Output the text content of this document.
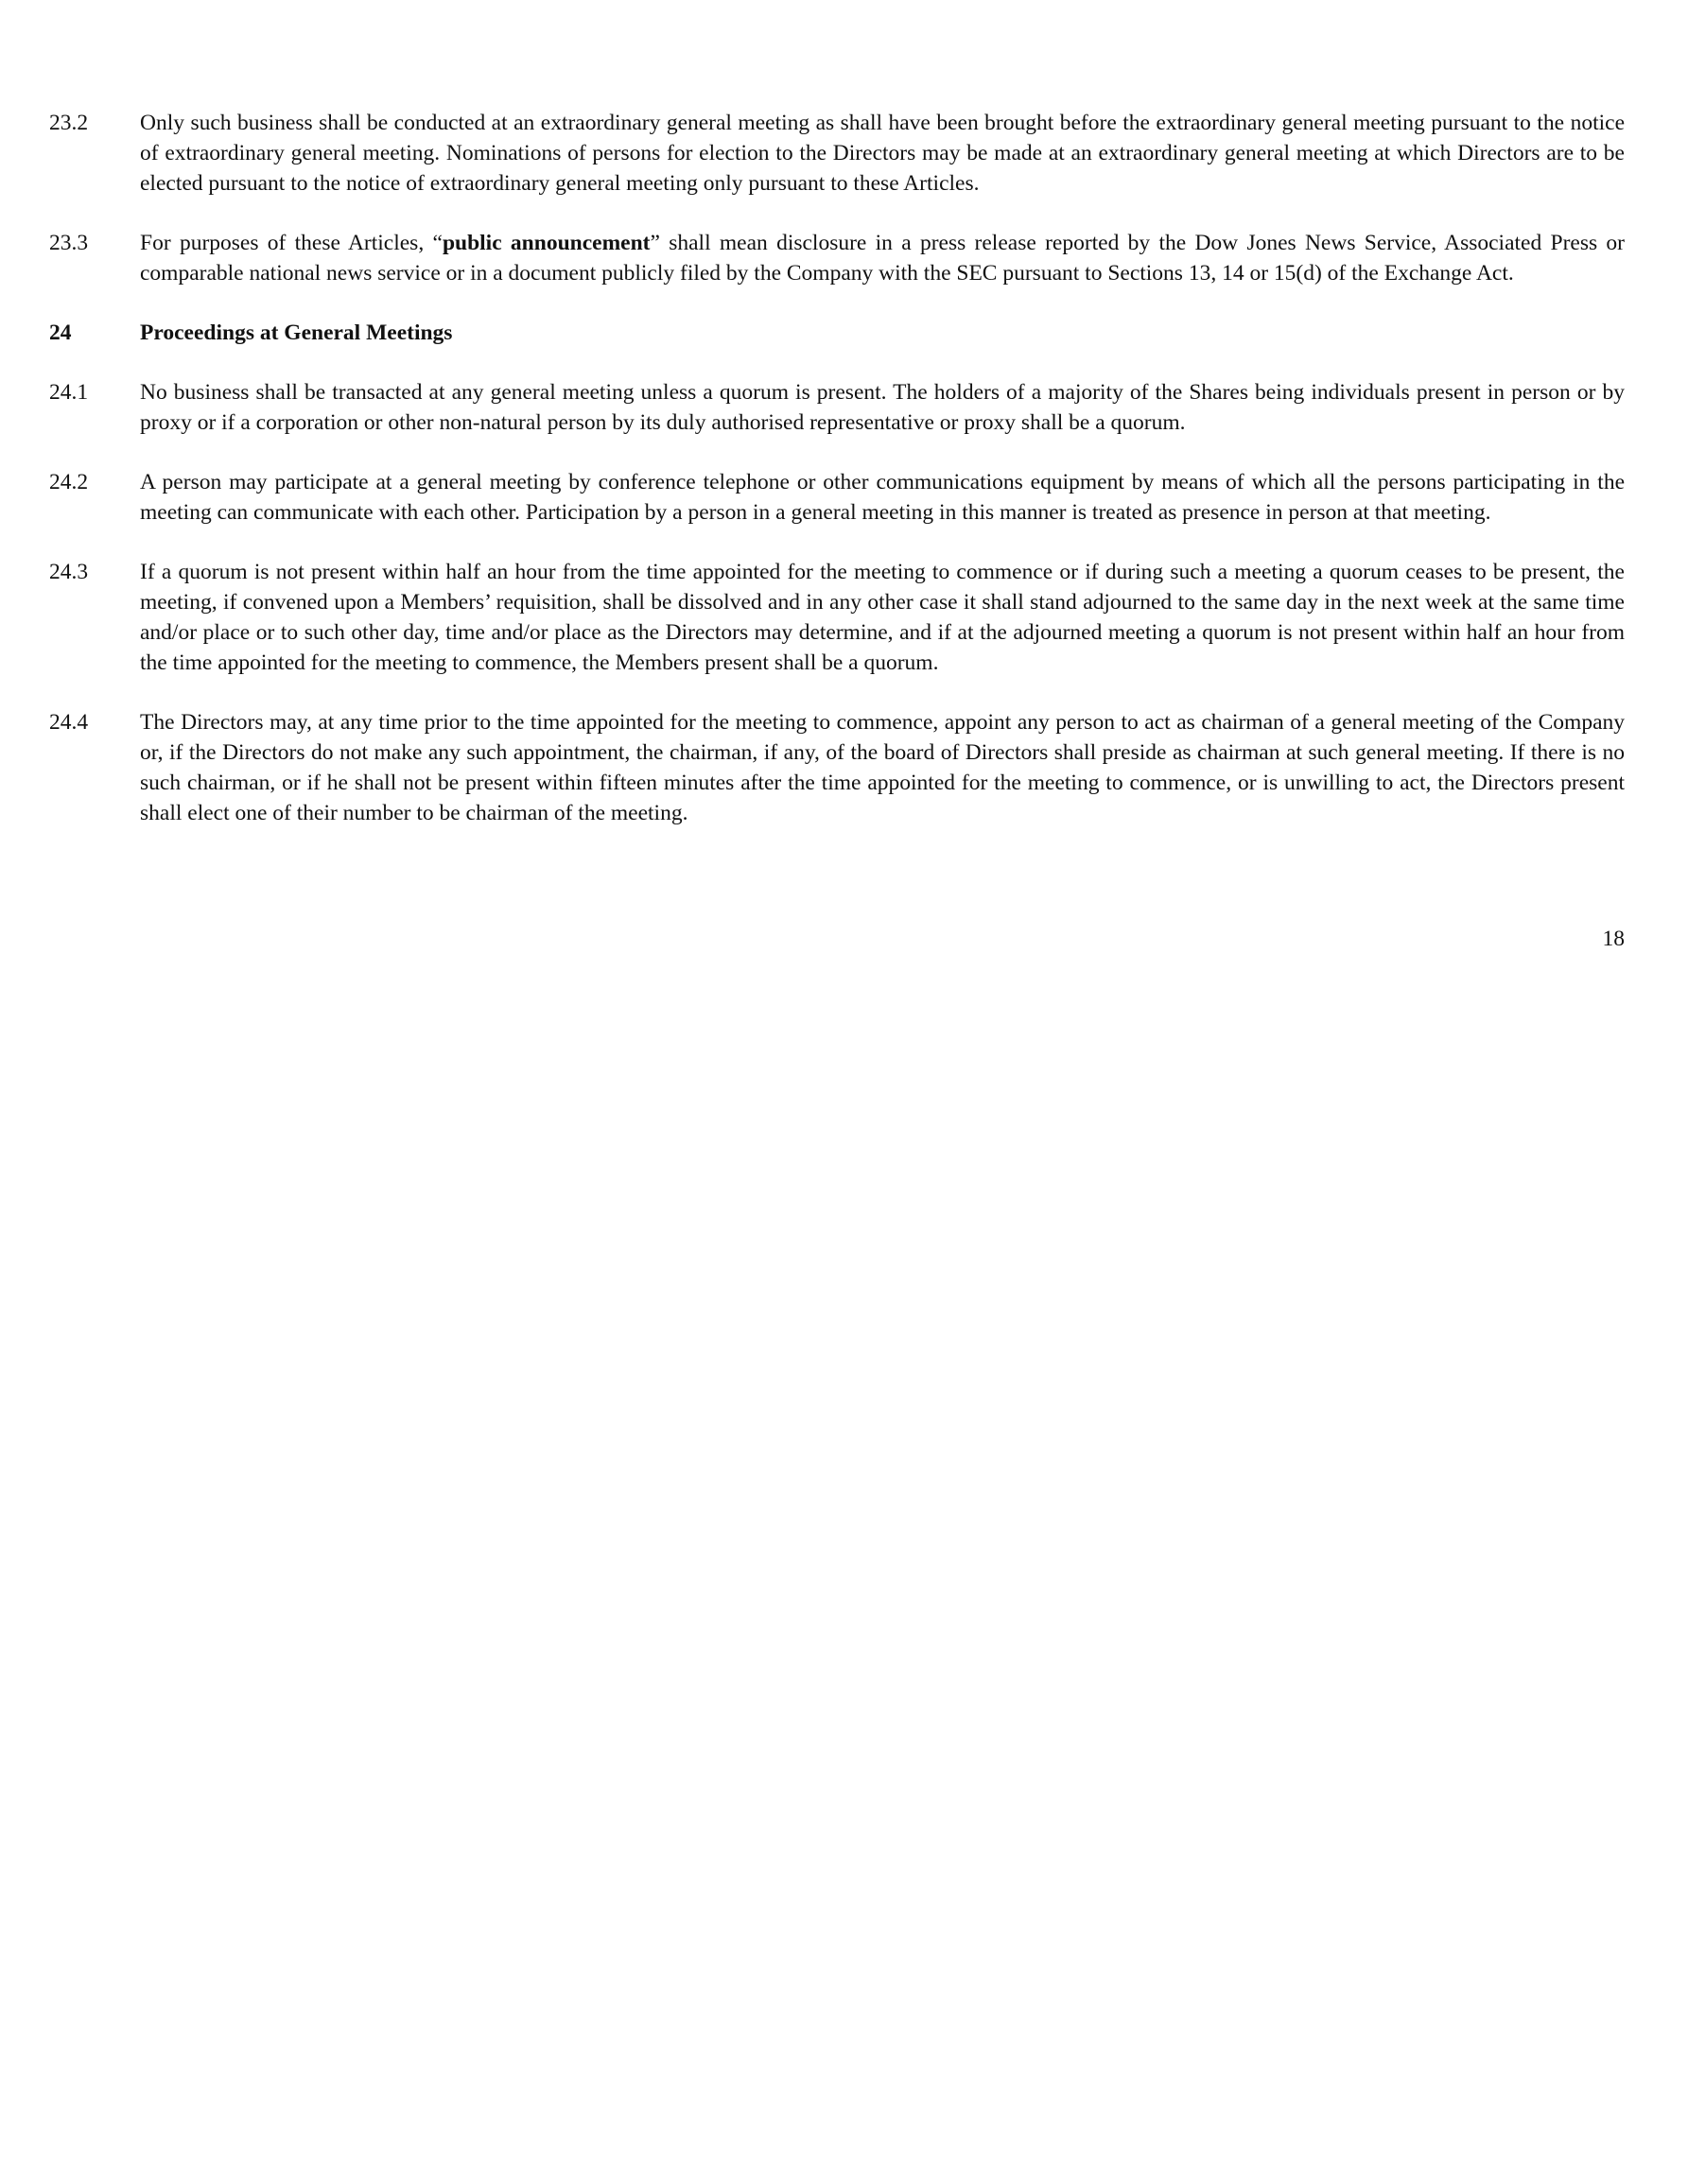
23.2	Only such business shall be conducted at an extraordinary general meeting as shall have been brought before the extraordinary general meeting pursuant to the notice of extraordinary general meeting. Nominations of persons for election to the Directors may be made at an extraordinary general meeting at which Directors are to be elected pursuant to the notice of extraordinary general meeting only pursuant to these Articles.
23.3	For purposes of these Articles, “public announcement” shall mean disclosure in a press release reported by the Dow Jones News Service, Associated Press or comparable national news service or in a document publicly filed by the Company with the SEC pursuant to Sections 13, 14 or 15(d) of the Exchange Act.
24	Proceedings at General Meetings
24.1	No business shall be transacted at any general meeting unless a quorum is present. The holders of a majority of the Shares being individuals present in person or by proxy or if a corporation or other non-natural person by its duly authorised representative or proxy shall be a quorum.
24.2	A person may participate at a general meeting by conference telephone or other communications equipment by means of which all the persons participating in the meeting can communicate with each other. Participation by a person in a general meeting in this manner is treated as presence in person at that meeting.
24.3	If a quorum is not present within half an hour from the time appointed for the meeting to commence or if during such a meeting a quorum ceases to be present, the meeting, if convened upon a Members’ requisition, shall be dissolved and in any other case it shall stand adjourned to the same day in the next week at the same time and/or place or to such other day, time and/or place as the Directors may determine, and if at the adjourned meeting a quorum is not present within half an hour from the time appointed for the meeting to commence, the Members present shall be a quorum.
24.4	The Directors may, at any time prior to the time appointed for the meeting to commence, appoint any person to act as chairman of a general meeting of the Company or, if the Directors do not make any such appointment, the chairman, if any, of the board of Directors shall preside as chairman at such general meeting. If there is no such chairman, or if he shall not be present within fifteen minutes after the time appointed for the meeting to commence, or is unwilling to act, the Directors present shall elect one of their number to be chairman of the meeting.
18
